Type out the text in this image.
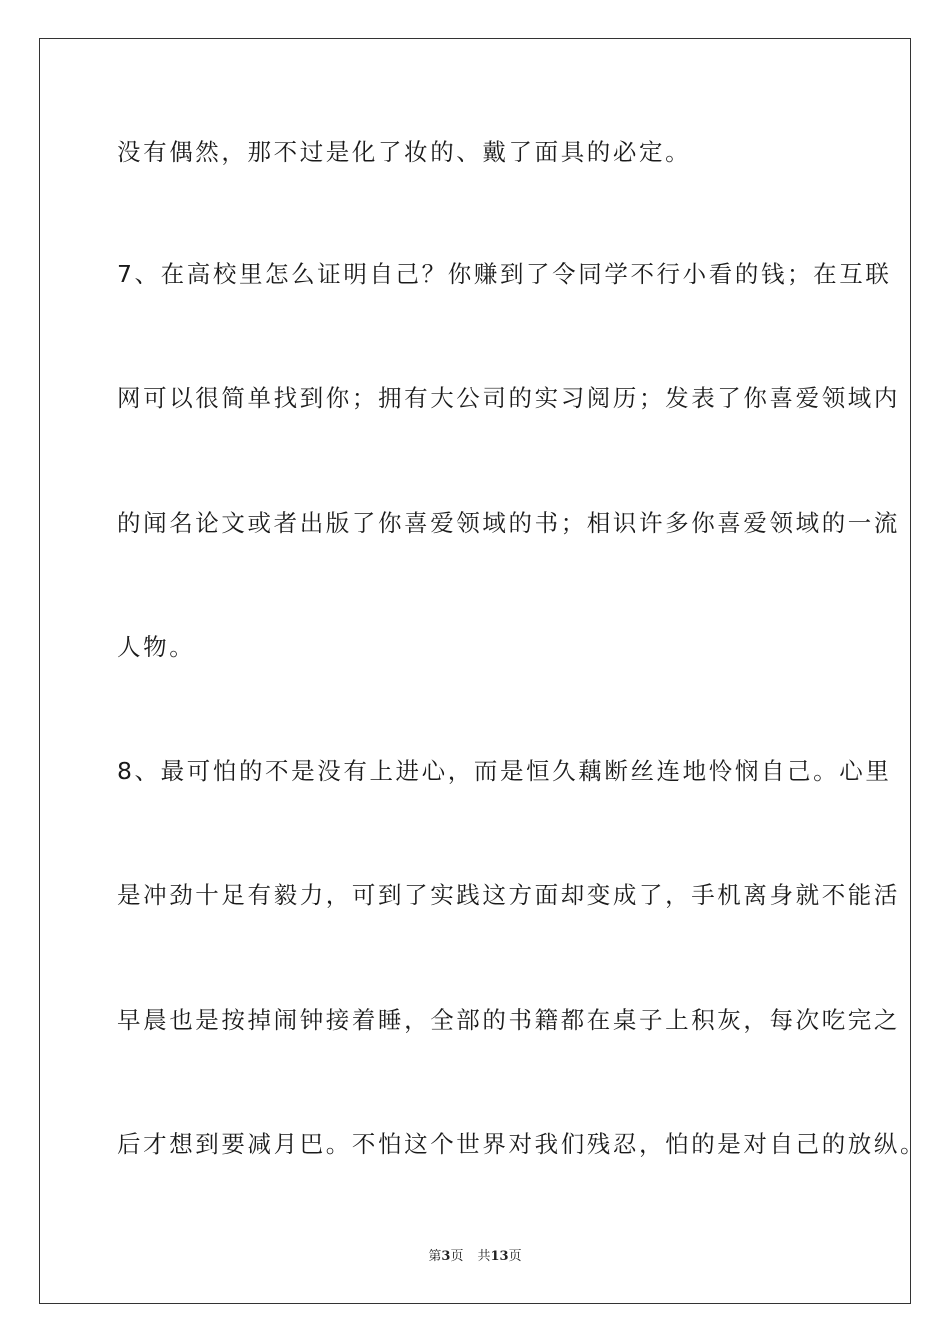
没有偶然，那不过是化了妆的、戴了面具的必定。
7、在高校里怎么证明自己？你赚到了令同学不行小看的钱；在互联
网可以很简单找到你；拥有大公司的实习阅历；发表了你喜爱领域内
的闻名论文或者出版了你喜爱领域的书；相识许多你喜爱领域的一流
人物。
8、最可怕的不是没有上进心，而是恒久藕断丝连地怜悯自己。心里
是冲劲十足有毅力，可到了实践这方面却变成了，手机离身就不能活
早晨也是按掉闹钟接着睡，全部的书籍都在桌子上积灰，每次吃完之
后才想到要减月巴。不怕这个世界对我们残忍，怕的是对自己的放纵。
第3页 共13页
